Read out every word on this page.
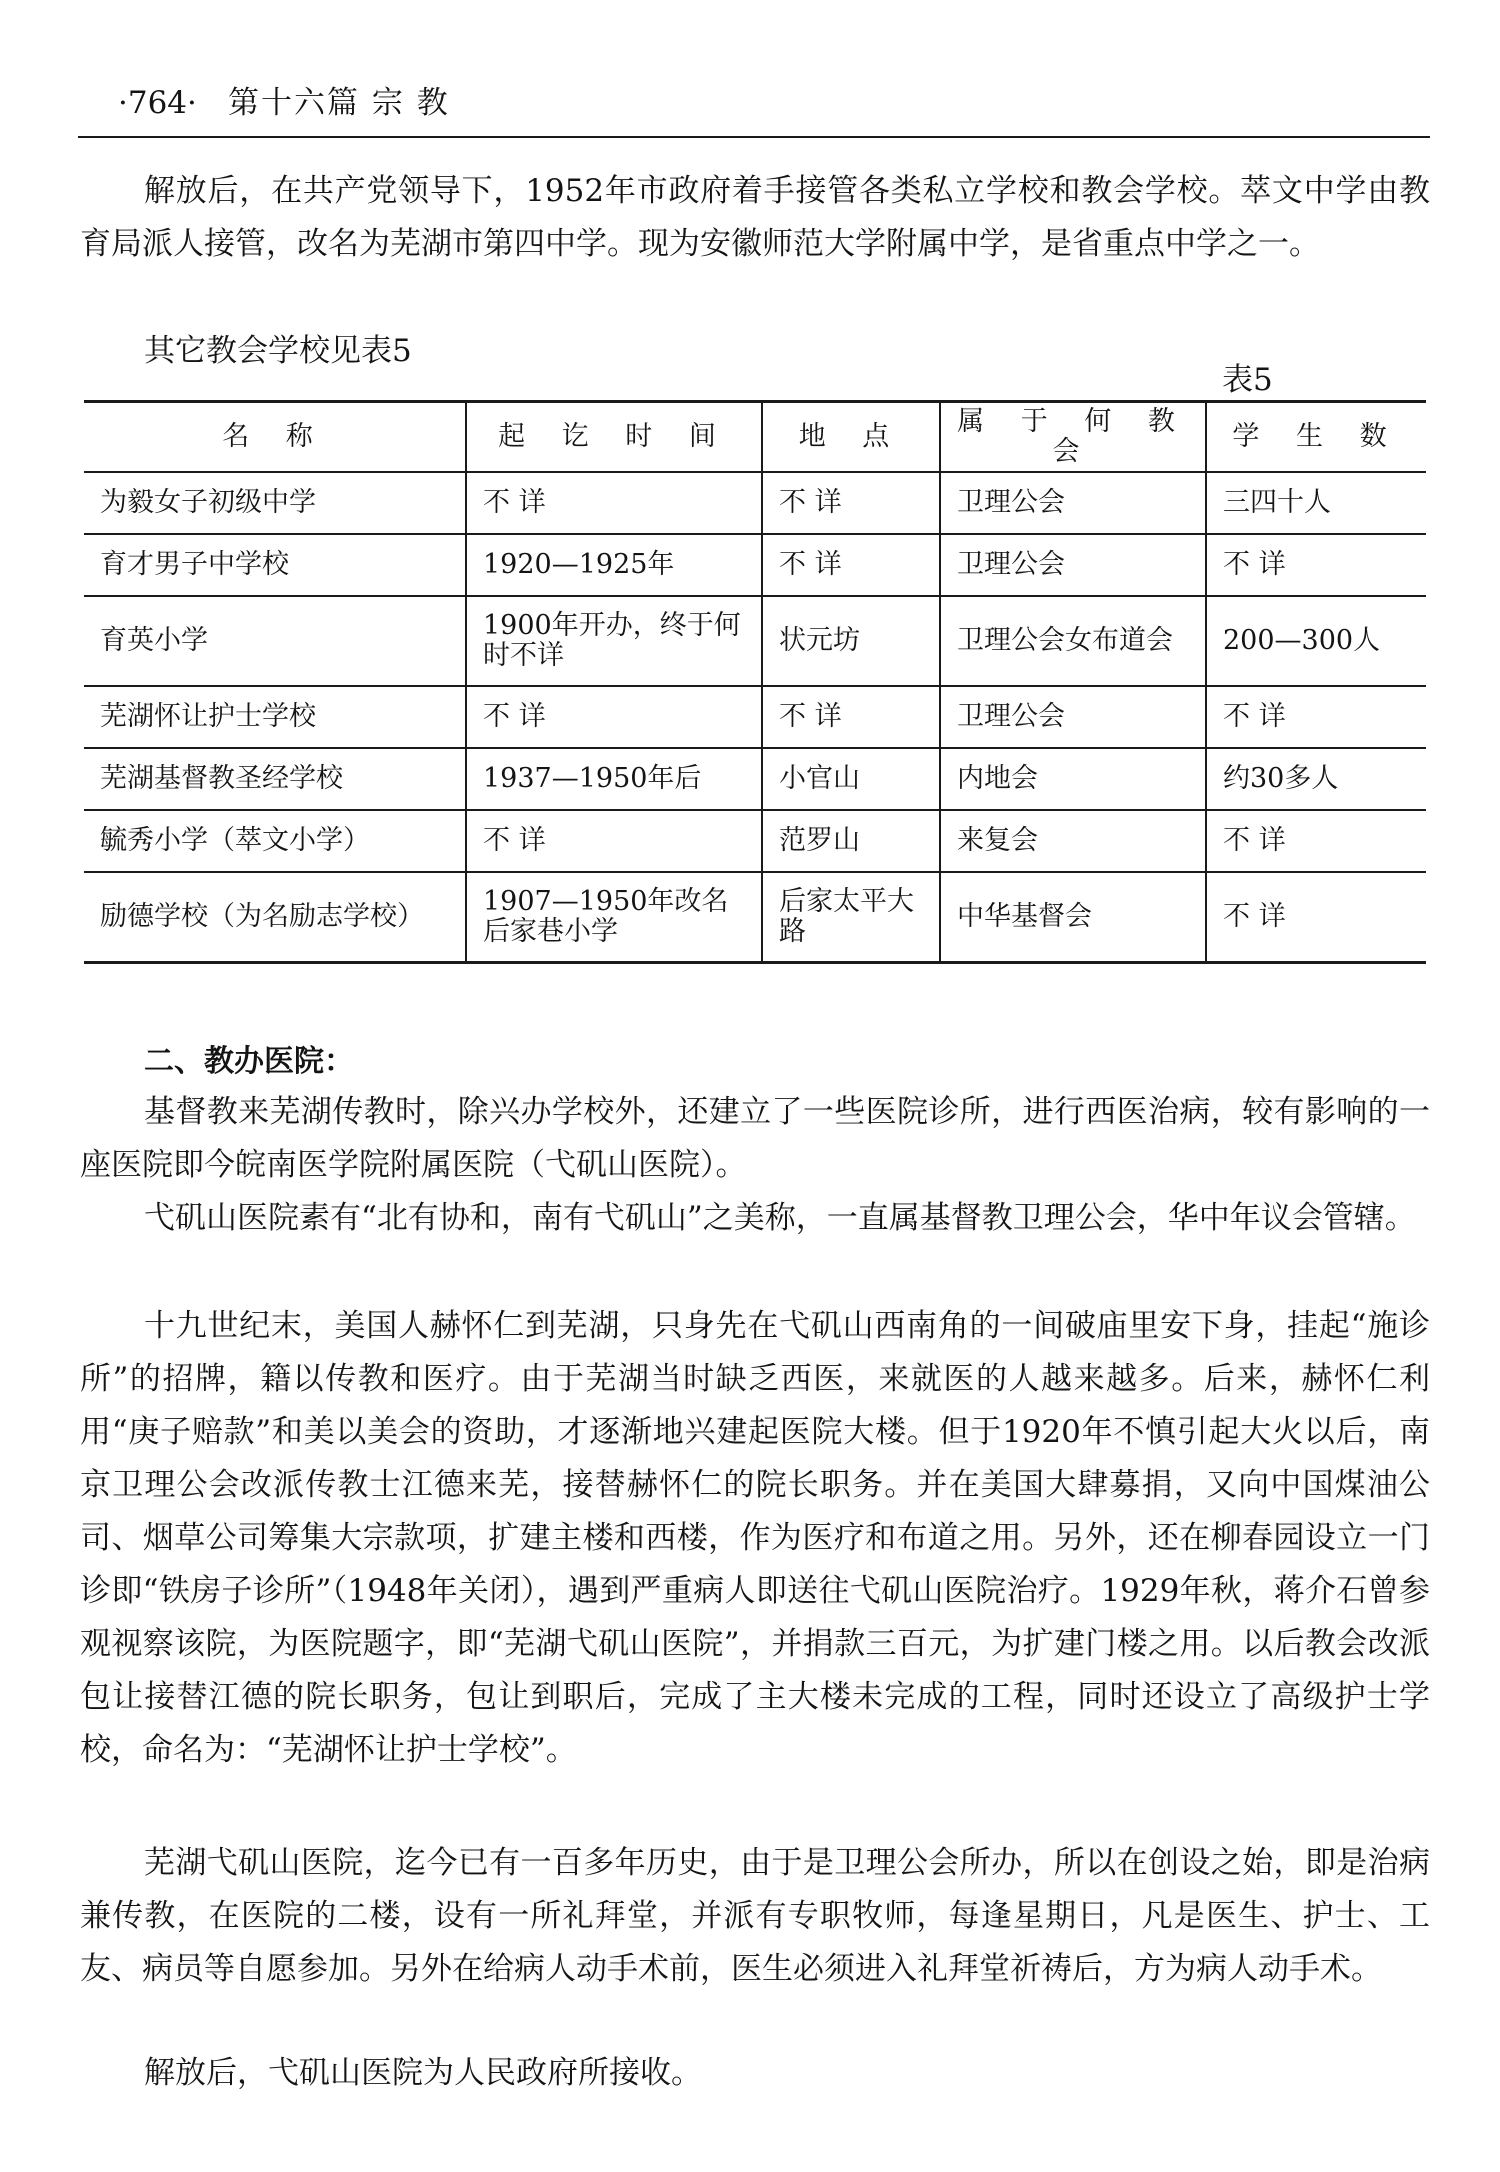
·764· 第十六篇 宗 教

解放后，在共产党领导下，1952年市政府着手接管各类私立学校和教会学校。萃文中学由教育局派人接管，改名为芜湖市第四中学。现为安徽师范大学附属中学，是省重点中学之一。

其它教会学校见表5

表5
名 称	起 讫 时 间	地 点	属 于 何 教 会	学 生 数
为毅女子初级中学	不 详	不 详	卫理公会	三四十人
育才男子中学校	1920—1925年	不 详	卫理公会	不 详
育英小学	1900年开办，终于何时不详	状元坊	卫理公会女布道会	200—300人
芜湖怀让护士学校	不 详	不 详	卫理公会	不 详
芜湖基督教圣经学校	1937—1950年后	小官山	内地会	约30多人
毓秀小学（萃文小学）	不 详	范罗山	来复会	不 详
励德学校（为名励志学校）	1907—1950年改名后家巷小学	后家太平大路	中华基督会	不 详
二、教办医院：

基督教来芜湖传教时，除兴办学校外，还建立了一些医院诊所，进行西医治病，较有影响的一座医院即今皖南医学院附属医院（弋矶山医院）。

弋矶山医院素有“北有协和，南有弋矶山”之美称，一直属基督教卫理公会，华中年议会管辖。

十九世纪末，美国人赫怀仁到芜湖，只身先在弋矶山西南角的一间破庙里安下身，挂起“施诊所”的招牌，籍以传教和医疗。由于芜湖当时缺乏西医，来就医的人越来越多。后来，赫怀仁利用“庚子赔款”和美以美会的资助，才逐渐地兴建起医院大楼。但于1920年不慎引起大火以后，南京卫理公会改派传教士江德来芜，接替赫怀仁的院长职务。并在美国大肆募捐，又向中国煤油公司、烟草公司筹集大宗款项，扩建主楼和西楼，作为医疗和布道之用。另外，还在柳春园设立一门诊即“铁房子诊所”（1948年关闭），遇到严重病人即送往弋矶山医院治疗。1929年秋，蒋介石曾参观视察该院，为医院题字，即“芜湖弋矶山医院”，并捐款三百元，为扩建门楼之用。以后教会改派包让接替江德的院长职务，包让到职后，完成了主大楼未完成的工程，同时还设立了高级护士学校，命名为：“芜湖怀让护士学校”。

芜湖弋矶山医院，迄今已有一百多年历史，由于是卫理公会所办，所以在创设之始，即是治病兼传教，在医院的二楼，设有一所礼拜堂，并派有专职牧师，每逢星期日，凡是医生、护士、工友、病员等自愿参加。另外在给病人动手术前，医生必须进入礼拜堂祈祷后，方为病人动手术。

解放后，弋矶山医院为人民政府所接收。
